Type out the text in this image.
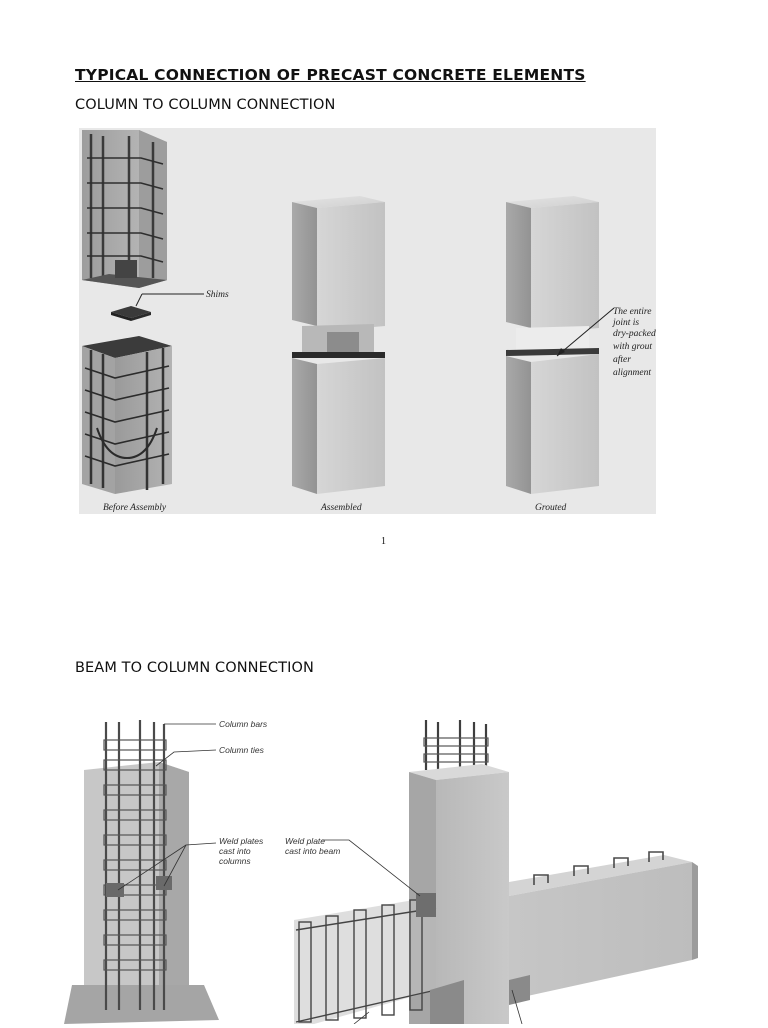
TYPICAL CONNECTION OF PRECAST CONCRETE ELEMENTS
COLUMN TO COLUMN CONNECTION
Shims
Before Assembly	Assembled
The entire
joint is
dry-packed
with grout
after
alignment
Grouted
1
BEAM TO COLUMN CONNECTION
Column bars
Column ties
Weld plates
cast into
columns
Weld plate
cast into beam
